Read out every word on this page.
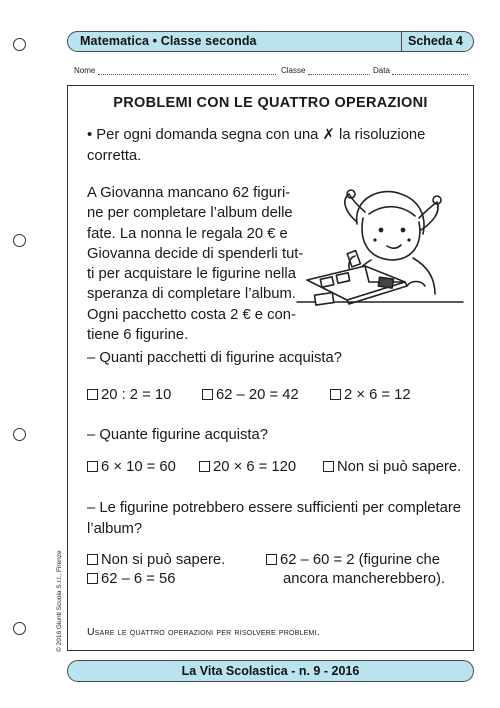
Matematica • Classe seconda	Scheda 4
Nome	Classe	Data
PROBLEMI CON LE QUATTRO OPERAZIONI
• Per ogni domanda segna con una ✗ la risoluzione
corretta.
A Giovanna mancano 62 figuri-
ne per completare l’album delle
fate. La nonna le regala 20 € e
Giovanna decide di spenderli tut-
ti per acquistare le figurine nella
speranza di completare l’album.
Ogni pacchetto costa 2 € e con-
tiene 6 figurine.
– Quanti pacchetti di figurine acquista?
20 : 2 = 10	62 – 20 = 42	2 × 6 = 12
– Quante figurine acquista?
6 × 10 = 60	20 × 6 = 120	Non si può sapere.
– Le figurine potrebbero essere sufficienti per completare
l’album?
Non si può sapere.
62 – 6 = 56
62 – 60 = 2 (figurine che
ancora mancherebbero).
Usare le quattro operazioni per risolvere problemi.
La Vita Scolastica - n. 9 - 2016
© 2016 Giunti Scuola S.r.l., Firenze
